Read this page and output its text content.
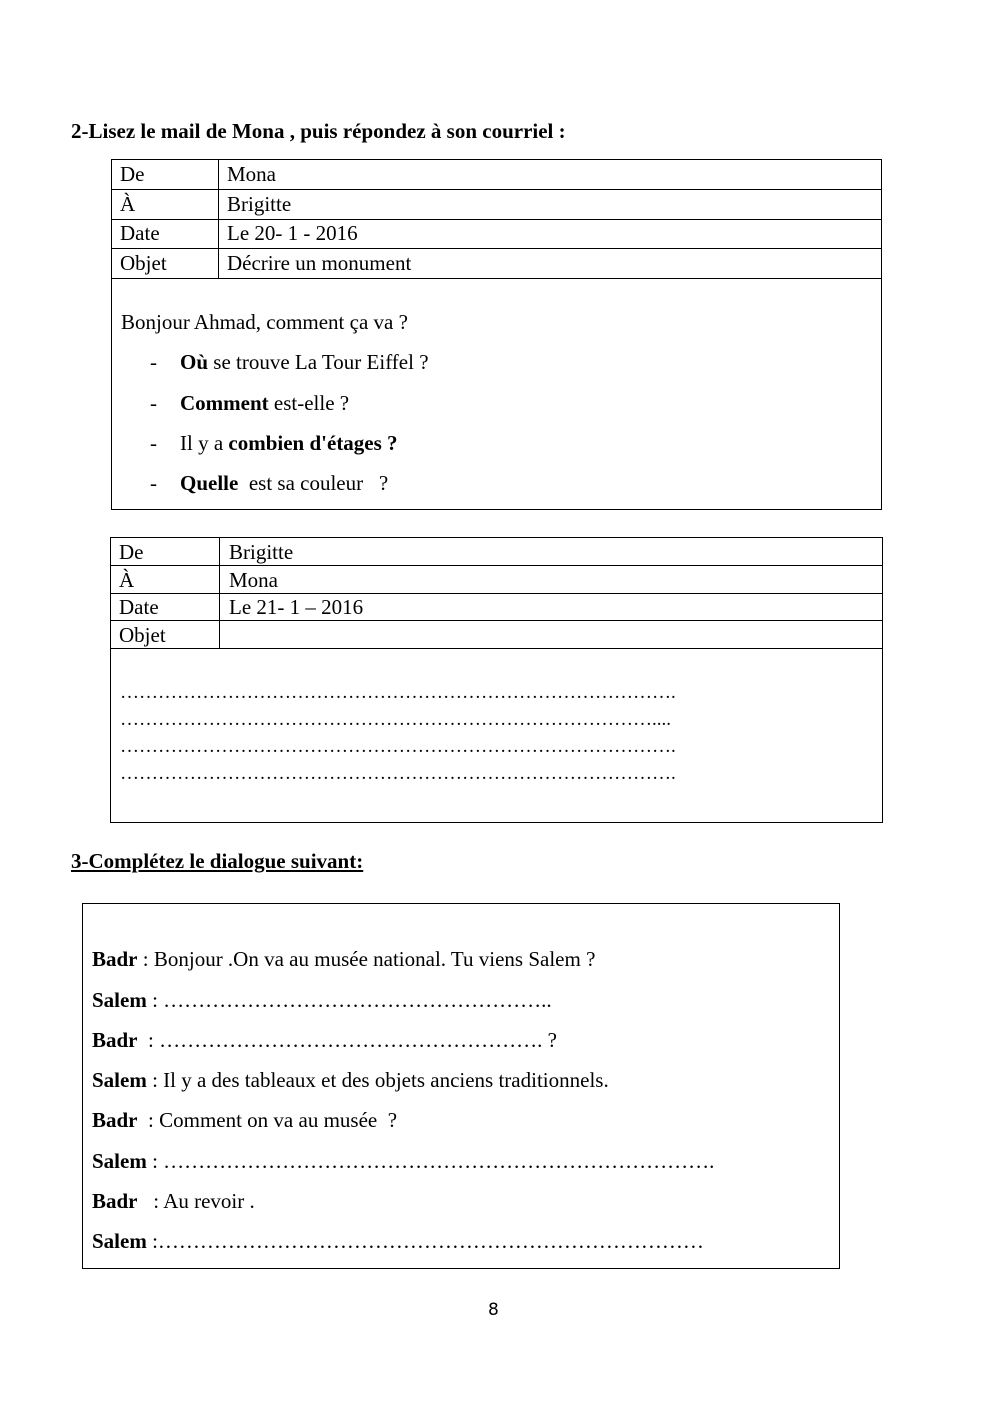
2-Lisez le mail de Mona , puis répondez à son courriel :
De	Mona
À	Brigitte
Date	Le 20- 1 - 2016
Objet	Décrire un monument
Bonjour Ahmad, comment ça va ?
- Où se trouve La Tour Eiffel ?
- Comment est-elle ?
- Il y a combien d'étages ?
- Quelle  est sa couleur   ?
De	Brigitte
À	Mona
Date	Le 21- 1 – 2016
Objet
…………………………………………………………………………….
…………………………………………………………………………....
…………………………………………………………………………….
…………………………………………………………………………….
3-Complétez le dialogue suivant:
Badr : Bonjour .On va au musée national. Tu viens Salem ?
Salem : ………………………………………………..
Badr  : ………………………………………………. ?
Salem : Il y a des tableaux et des objets anciens traditionnels.
Badr  : Comment on va au musée  ?
Salem : …………………………………………………………………….
Badr   : Au revoir .
Salem :……………………………………………………………………
8
